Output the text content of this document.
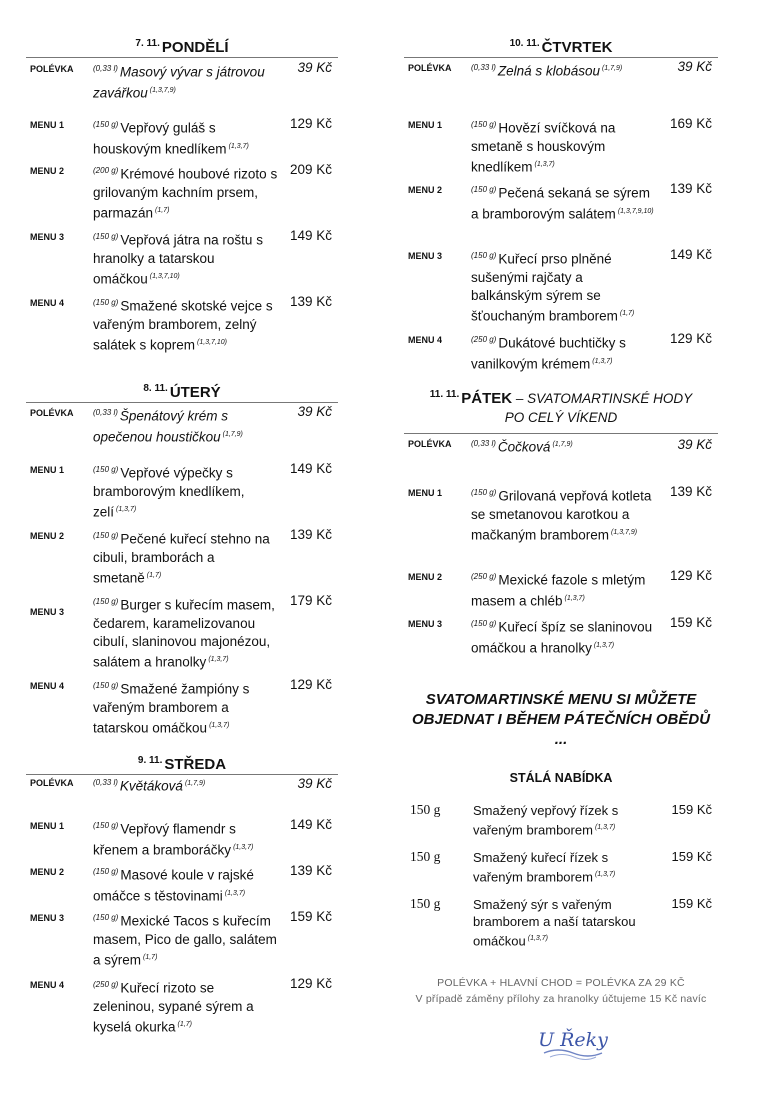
$^{7. 11.}$ PONDĚLÍ
POLÉVKA $^{(0,33 l)}$ Masový vývar s játrovou zavářkou $^{(1,3,7,9)}$
39 Kč
MENU 1	$^{(150 g)}$ Vepřový guláš s houskovým knedlíkem $^{(1,3,7)}$
129 Kč
MENU 2	$^{(200 g)}$ Krémové houbové rizoto s grilovaným kachním prsem, parmazán $^{(1,7)}$
209 Kč
MENU 3	$^{(150 g)}$ Vepřová játra na roštu s hranolky a tatarskou omáčkou $^{(1,3,7,10)}$
149 Kč
MENU 4	$^{(150 g)}$ Smažené skotské vejce s vařeným bramborem, zelný salátek s koprem $^{(1,3,7,10)}$
139 Kč
$^{8. 11.}$ ÚTERÝ
POLÉVKA $^{(0,33 l)}$ Špenátový krém s opečenou houstičkou $^{(1,7,9)}$
39 Kč
MENU 1	$^{(150 g)}$ Vepřové výpečky s bramborovým knedlíkem, zelí $^{(1,3,7)}$
149 Kč
MENU 2	$^{(150 g)}$ Pečené kuřecí stehno na cibuli, bramborách a smetaně $^{(1,7)}$
139 Kč
MENU 3
$^{(150 g)}$ Burger s kuřecím masem, čedarem, karamelizovanou cibulí, slaninovou majonézou, salátem a hranolky $^{(1,3,7)}$
179 Kč
MENU 4	$^{(150 g)}$ Smažené žampióny s vařeným bramborem a tatarskou omáčkou $^{(1,3,7)}$
129 Kč
$^{9. 11.}$ STŘEDA
POLÉVKA $^{(0,33 l)}$ Květáková $^{(1,7,9)}$	39 Kč
MENU 1	$^{(150 g)}$ Vepřový flamendr s křenem a bramboráčky $^{(1,3,7)}$
149 Kč
MENU 2	$^{(150 g)}$ Masové koule v rajské omáčce s těstovinami $^{(1,3,7)}$
139 Kč
MENU 3	$^{(150 g)}$ Mexické Tacos s kuřecím masem, Pico de gallo, salátem a sýrem $^{(1,7)}$
159 Kč
MENU 4	$^{(250 g)}$ Kuřecí rizoto se zeleninou, sypané sýrem a kyselá okurka $^{(1,7)}$
129 Kč
$^{10. 11.}$ ČTVRTEK
POLÉVKA $^{(0,33 l)}$ Zelná s klobásou $^{(1,7,9)}$	39 Kč
MENU 1	$^{(150 g)}$ Hovězí svíčková na smetaně s houskovým knedlíkem $^{(1,3,7)}$
169 Kč
MENU 2	$^{(150 g)}$ Pečená sekaná se sýrem a bramborovým salátem $^{(1,3,7,9,10)}$
139 Kč
MENU 3	$^{(150 g)}$ Kuřecí prso plněné sušenými rajčaty a balkánským sýrem se šťouchaným bramborem $^{(1,7)}$
149 Kč
MENU 4	$^{(250 g)}$ Dukátové buchtičky s vanilkovým krémem $^{(1,3,7)}$
129 Kč
$^{11. 11.}$ PÁTEK – SVATOMARTINSKÉ HODY
PO CELÝ VÍKEND
POLÉVKA $^{(0,33 l)}$ Čočková $^{(1,7,9)}$	39 Kč
MENU 1	$^{(150 g)}$ Grilovaná vepřová kotleta se smetanovou karotkou a mačkaným bramborem $^{(1,3,7,9)}$
139 Kč
MENU 2	$^{(250 g)}$ Mexické fazole s mletým masem a chléb $^{(1,3,7)}$
129 Kč
MENU 3	$^{(150 g)}$ Kuřecí špíz se slaninovou omáčkou a hranolky $^{(1,3,7)}$
159 Kč
SVATOMARTINSKÉ MENU SI MŮŽETE
OBJEDNAT I BĚHEM PÁTEČNÍCH OBĚDŮ ...
STÁLÁ NABÍDKA
150 g	Smažený vepřový řízek s vařeným bramborem $^{(1,3,7)}$
159 Kč
150 g	Smažený kuřecí řízek s vařeným bramborem $^{(1,3,7)}$
159 Kč
150 g	Smažený sýr s vařeným bramborem a naší tatarskou omáčkou $^{(1,3,7)}$
159 Kč
POLÉVKA + HLAVNÍ CHOD = POLÉVKA ZA 29 KČ
V případě záměny přílohy za hranolky účtujeme 15 Kč navíc
U Řeky
